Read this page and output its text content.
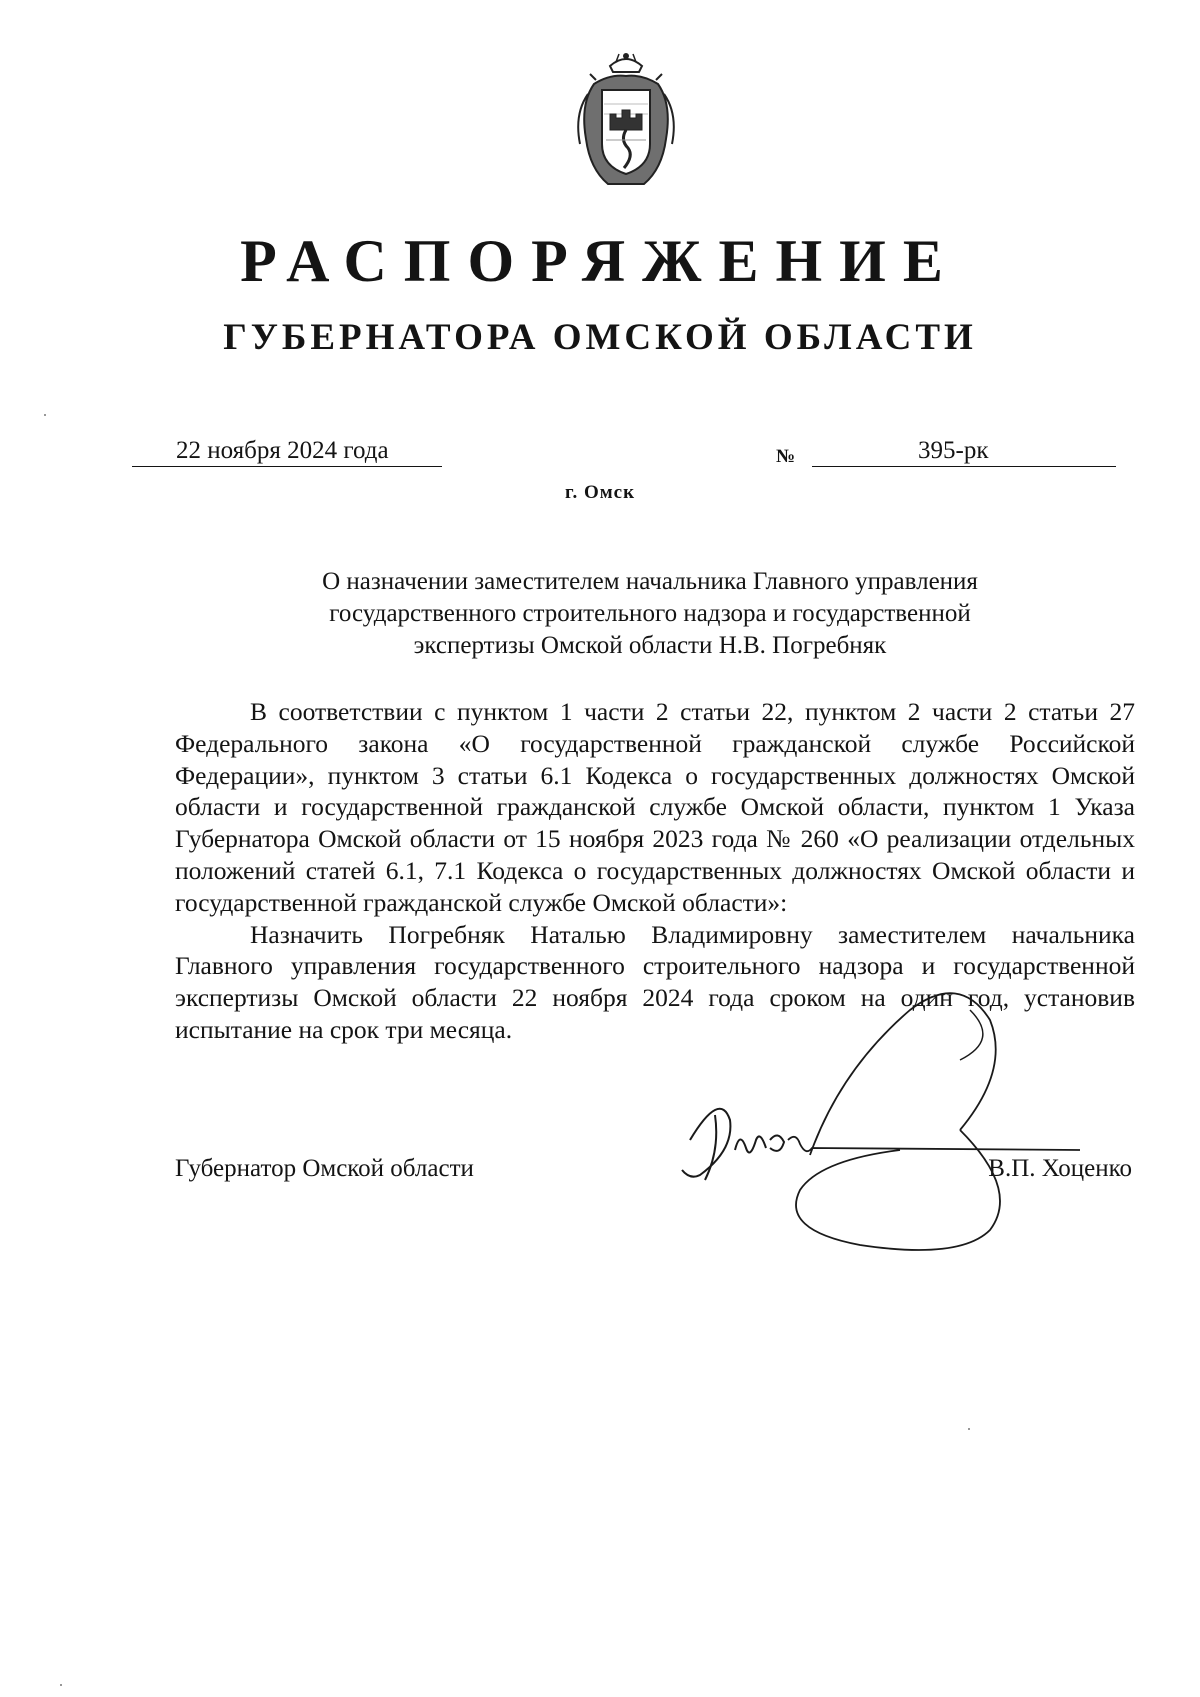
РАСПОРЯЖЕНИЕ
ГУБЕРНАТОРА ОМСКОЙ ОБЛАСТИ
22 ноября 2024 года	№	395-рк
г. Омск
О назначении заместителем начальника Главного управления
государственного строительного надзора и государственной
экспертизы Омской области Н.В. Погребняк

В соответствии с пунктом 1 части 2 статьи 22, пунктом 2 части 2 статьи 27 Федерального закона «О государственной гражданской службе Российской Федерации», пунктом 3 статьи 6.1 Кодекса о государственных должностях Омской области и государственной гражданской службе Омской области, пунктом 1 Указа Губернатора Омской области от 15 ноября 2023 года № 260 «О реализации отдельных положений статей 6.1, 7.1 Кодекса о государственных должностях Омской области и государственной гражданской службе Омской области»:

Назначить Погребняк Наталью Владимировну заместителем начальника Главного управления государственного строительного надзора и государственной экспертизы Омской области 22 ноября 2024 года сроком на один год, установив испытание на срок три месяца.

Губернатор Омской области	В.П. Хоценко
